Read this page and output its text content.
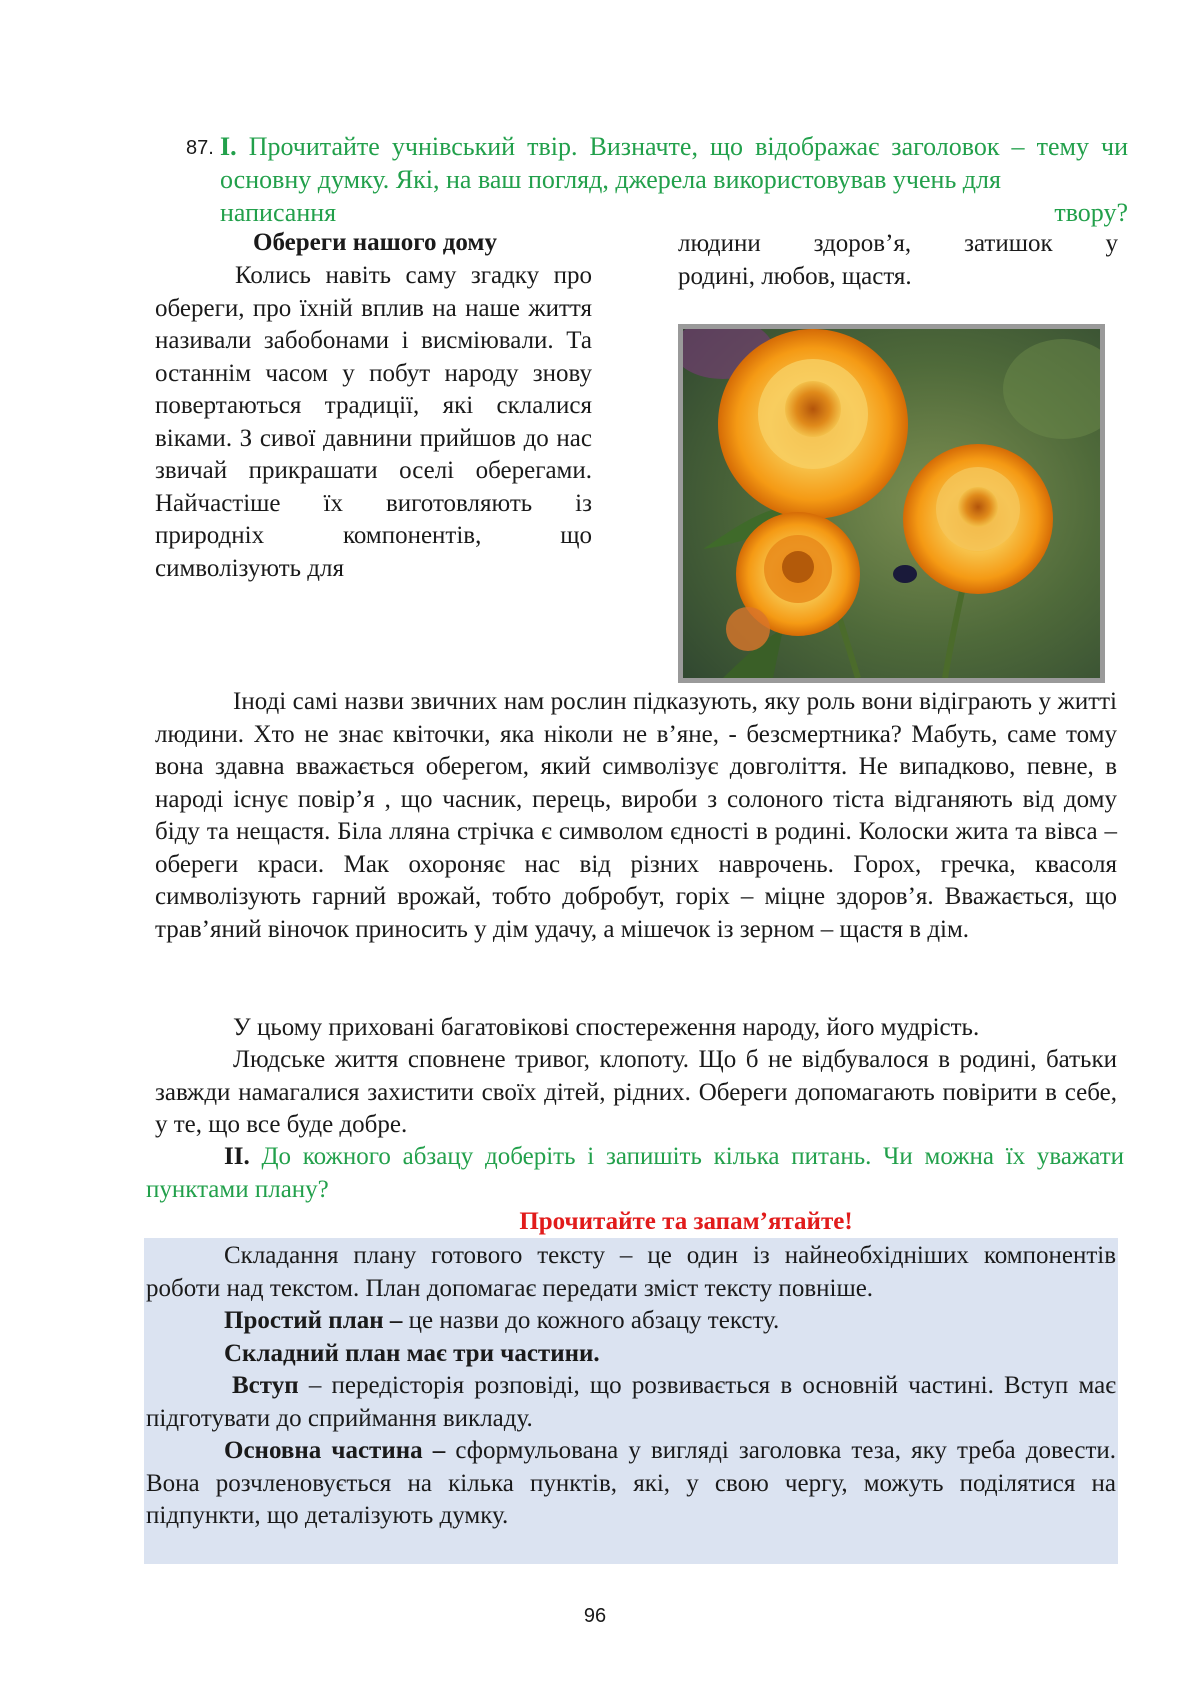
87. І. Прочитайте учнівський твір. Визначте, що відображає заголовок – тему чи основну думку. Які, на ваш погляд, джерела використовував учень для
написання	твору?
Обереги нашого дому
Колись навіть саму згадку про обереги, про їхній вплив на наше життя називали забобонами і висміювали. Та останнім часом у побут народу знову повертаються традиції, які склалися віками. З сивої давнини прийшов до нас звичай прикрашати оселі оберегами. Найчастіше їх виготовляють із природніх компонентів, що символізують для
людини здоров’я, затишок у
родині, любов, щастя.
Іноді самі назви звичних нам рослин підказують, яку роль вони відіграють у житті людини. Хто не знає квіточки, яка ніколи не в’яне, - безсмертника? Мабуть, саме тому вона здавна вважається оберегом, який символізує довголіття. Не випадково, певне, в народі існує повір’я , що часник, перець, вироби з солоного тіста відганяють від дому біду та нещастя. Біла лляна стрічка є символом єдності в родині. Колоски жита та вівса – обереги краси. Мак охороняє нас від різних наврочень. Горох, гречка, квасоля символізують гарний врожай, тобто добробут, горіх – міцне здоров’я. Вважається, що трав’яний віночок приносить у дім удачу, а мішечок із зерном – щастя в дім.
У цьому приховані багатовікові спостереження народу, його мудрість.
Людське життя сповнене тривог, клопоту. Що б не відбувалося в родині, батьки завжди намагалися захистити своїх дітей, рідних. Обереги допомагають повірити в себе, у те, що все буде добре.
ІІ. До кожного абзацу доберіть і запишіть кілька питань. Чи можна їх уважати пунктами плану?
Прочитайте та запам’ятайте!

Складання плану готового тексту – це один із найнеобхідніших компонентів роботи над текстом. План допомагає передати зміст тексту повніше.

Простий план – це назви до кожного абзацу тексту.

Складний план має три частини.

Вступ – передісторія розповіді, що розвивається в основній частині. Вступ має підготувати до сприймання викладу.

Основна частина – сформульована у вигляді заголовка теза, яку треба довести. Вона розчленовується на кілька пунктів, які, у свою чергу, можуть поділятися на підпункти, що деталізують думку.

96
